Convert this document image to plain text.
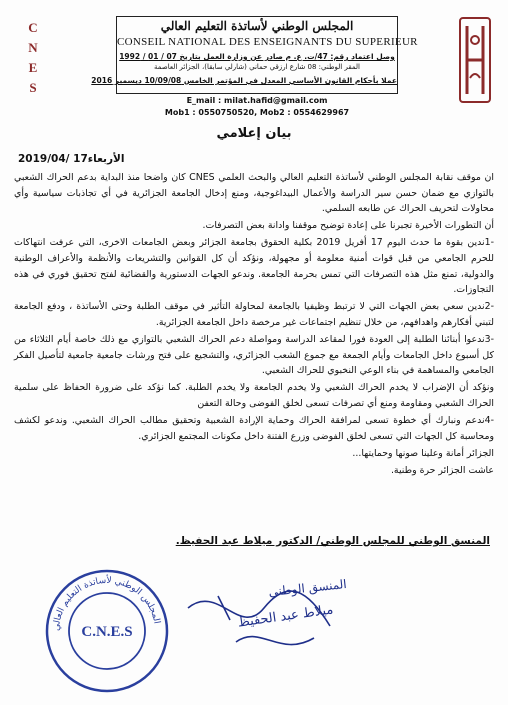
C
N
E
S
المجلس الوطني لأساتذة التعليم العالي
CONSEIL NATIONAL DES ENSEIGNANTS DU SUPERIEUR
وصل اعتماد رقم: 47/ت. ع. م صادر عن وزارة العمل بتاريخ 07 / 01 / 1992
المقر الوطني: 08 شارع ارزقي حماني (شارلي سابقا)، الجزائر العاصمة
عملا بأحكام القانون الأساسي المعدل في المؤتمر الخامس 10/09/08 ديسمبر 2016
E_mail : milat.hafid@gmail.com
Mob1 : 0550750520, Mob2 : 0554629967
بيان إعلامي
الأربعاء17 /2019/04

ان موقف نقابة المجلس الوطني لأساتذة التعليم العالي والبحث العلمي CNES كان واضحا منذ البداية بدعم الحراك الشعبي بالتوازي مع ضمان حسن سير الدراسة والأعمال البيداغوجية، ومنع إدخال الجامعة الجزائرية في أي تجاذبات سياسية وأي محاولات لتحريف الحراك عن طابعه السلمي.

أن التطورات الأخيرة تجبرنا على إعادة توضيح موقفنا وادانة بعض التصرفات.

-1ندين بقوة ما حدث اليوم 17 أفريل 2019 بكلية الحقوق بجامعة الجزائر وبعض الجامعات الاخرى، التي عرفت انتهاكات للحرم الجامعي من قبل قوات أمنية معلومة أو مجهولة، ونؤكد أن كل القوانين والتشريعات والأنظمة والأعراف الوطنية والدولية، تمنع مثل هذه التصرفات التي تمس بحرمة الجامعة. وندعو الجهات الدستورية والقضائية لفتح تحقيق فوري في هذه التجاوزات.

-2ندين سعي بعض الجهات التي لا ترتبط وظيفيا بالجامعة لمحاولة التأثير في موقف الطلبة وحتى الأساتذة ، ودفع الجامعة لتبني أفكارهم واهدافهم، من خلال تنظيم اجتماعات غير مرخصة داخل الجامعة الجزائرية.

-3ندعوا أبنائنا الطلبة إلى العودة فورا لمقاعد الدراسة ومواصلة دعم الحراك الشعبي بالتوازي مع ذلك خاصة أيام الثلاثاء من كل أسبوع داخل الجامعات وأيام الجمعة مع جموع الشعب الجزائري، والتشجيع على فتح ورشات جامعية جامعية لتأصيل الفكر الجامعي والمساهمة في بناء الوعي النخبوي للحراك الشعبي.

ونؤكد أن الإضراب لا يخدم الحراك الشعبي ولا يخدم الجامعة ولا يخدم الطلبة. كما نؤكد على ضرورة الحفاظ على سلمية الحراك الشعبي ومقاومة ومنع أي تصرفات تسعى لخلق الفوضى وحالة التعفن

-4ندعم ونبارك أي خطوة تسعى لمرافقة الحراك وحماية الإرادة الشعبية وتحقيق مطالب الحراك الشعبي. وندعو لكشف ومحاسبة كل الجهات التي تسعى لخلق الفوضى وزرع الفتنة داخل مكونات المجتمع الجزائري.

الجزائر أمانة وعلينا صونها وحمايتها...

عاشت الجزائر حرة وطنية.

المنسق الوطني للمجلس الوطني/ الدكتور ميلاط عبد الحفيظ.
المجلس الوطني لأساتذة التعليم العالي
C.N.E.S
المنسق الوطني
ميلاط عبد الحفيظ
